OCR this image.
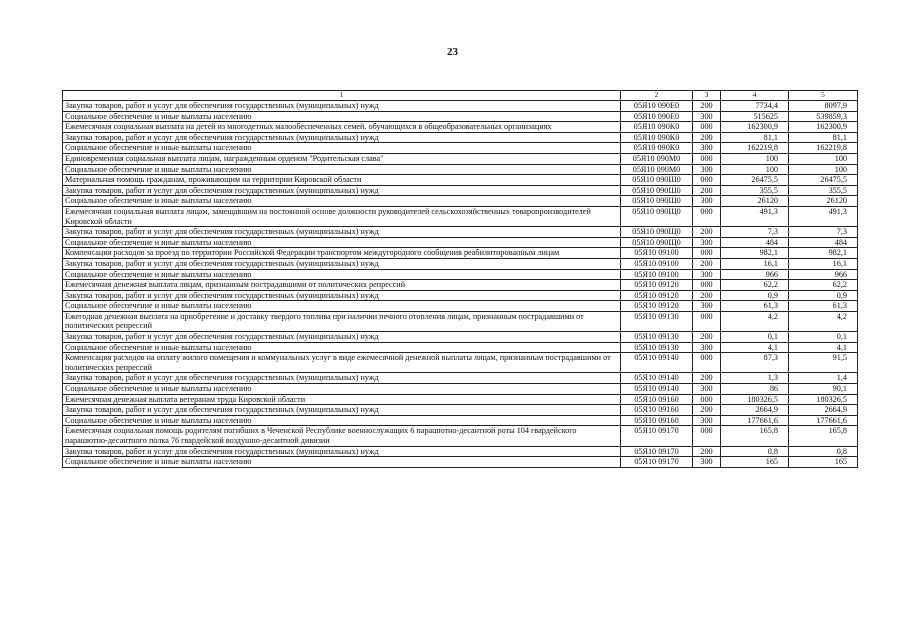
23
1	2	3	4	5
Закупка товаров, работ и услуг для обеспечения государственных (муниципальных) нужд	05Я10 090Е0	200	7734,4	8097,9
Социальное обеспечение и иные выплаты населению	05Я10 090Е0	300	515625	539859,3
Ежемесячная социальная выплата на детей из многодетных малообеспеченных семей, обучающихся в общеобразовательных организациях	05Я10 090К0	000	162300,9	162300,9
Закупка товаров, работ и услуг для обеспечения государственных (муниципальных) нужд	05Я10 090К0	200	81,1	81,1
Социальное обеспечение и иные выплаты населению	05Я10 090К0	300	162219,8	162219,8
Единовременная социальная выплата лицам, награжденным орденом "Родительская слава"	05Я10 090М0	000	100	100
Социальное обеспечение и иные выплаты населению	05Я10 090М0	300	100	100
Материальная помощь гражданам, проживающим на территории Кировской области	05Я10 090Ш0	000	26475,5	26475,5
Закупка товаров, работ и услуг для обеспечения государственных (муниципальных) нужд	05Я10 090Ш0	200	355,5	355,5
Социальное обеспечение и иные выплаты населению	05Я10 090Ш0	300	26120	26120
Ежемесячная социальная выплата лицам, замещавшим на постоянной основе должности руководителей сельскохозяйственных товаропроизводителей Кировской области	05Я10 090Щ0	000	491,3	491,3
Закупка товаров, работ и услуг для обеспечения государственных (муниципальных) нужд	05Я10 090Щ0	200	7,3	7,3
Социальное обеспечение и иные выплаты населению	05Я10 090Щ0	300	484	484
Компенсация расходов за проезд по территории Российской Федерации транспортом междугородного сообщения реабилитированным лицам	05Я10 09100	000	982,1	982,1
Закупка товаров, работ и услуг для обеспечения государственных (муниципальных) нужд	05Я10 09100	200	16,1	16,1
Социальное обеспечение и иные выплаты населению	05Я10 09100	300	966	966
Ежемесячная денежная выплата лицам, признанным пострадавшими от политических репрессий	05Я10 09120	000	62,2	62,2
Закупка товаров, работ и услуг для обеспечения государственных (муниципальных) нужд	05Я10 09120	200	0,9	0,9
Социальное обеспечение и иные выплаты населению	05Я10 09120	300	61,3	61,3
Ежегодная денежная выплата на приобретение и доставку твердого топлива при наличии печного отопления лицам, признанным пострадавшими от политических репрессий	05Я10 09130	000	4,2	4,2
Закупка товаров, работ и услуг для обеспечения государственных (муниципальных) нужд	05Я10 09130	200	0,1	0,1
Социальное обеспечение и иные выплаты населению	05Я10 09130	300	4,1	4,1
Компенсация расходов на оплату жилого помещения и коммунальных услуг в виде ежемесячной денежной выплаты лицам, признанным пострадавшими от политических репрессий	05Я10 09140	000	87,3	91,5
Закупка товаров, работ и услуг для обеспечения государственных (муниципальных) нужд	05Я10 09140	200	1,3	1,4
Социальное обеспечение и иные выплаты населению	05Я10 09140	300	86	90,1
Ежемесячная денежная выплата ветеранам труда Кировской области	05Я10 09160	000	180326,5	180326,5
Закупка товаров, работ и услуг для обеспечения государственных (муниципальных) нужд	05Я10 09160	200	2664,9	2664,9
Социальное обеспечение и иные выплаты населению	05Я10 09160	300	177661,6	177661,6
Ежемесячная социальная помощь родителям погибших в Чеченской Республике военнослужащих 6 парашютно-десантной роты 104 гвардейского парашютно-десантного полка 76 гвардейской воздушно-десантной дивизии	05Я10 09170	000	165,8	165,8
Закупка товаров, работ и услуг для обеспечения государственных (муниципальных) нужд	05Я10 09170	200	0,8	0,8
Социальное обеспечение и иные выплаты населению	05Я10 09170	300	165	165
